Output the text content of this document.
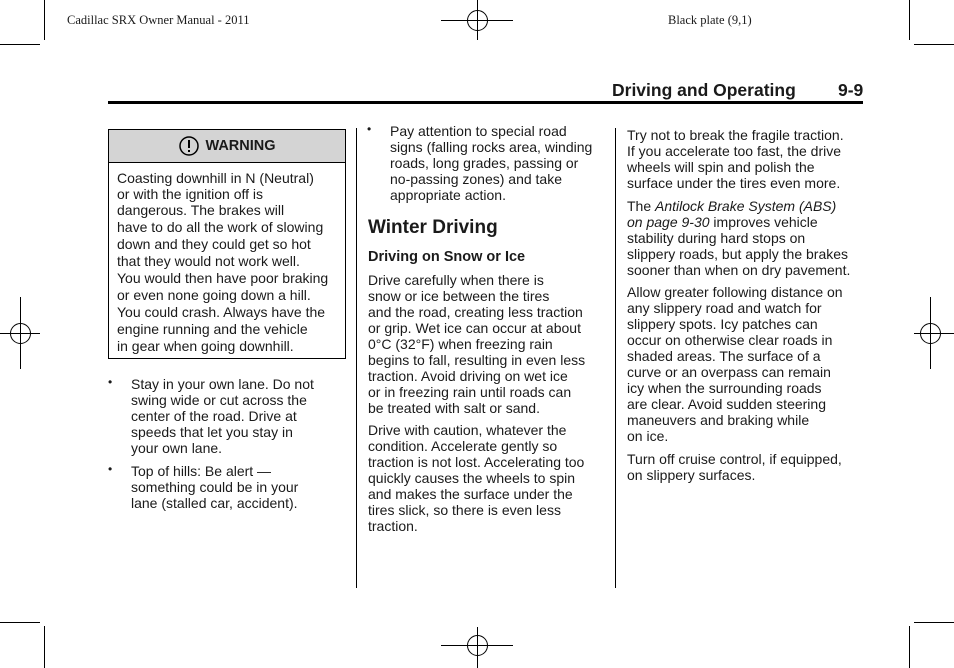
Cadillac SRX Owner Manual - 2011	Black plate (9,1)
Driving and Operating 9-9
WARNING

Coasting downhill in N (Neutral)

or with the ignition off is

dangerous. The brakes will

have to do all the work of slowing

down and they could get so hot

that they would not work well.

You would then have poor braking

or even none going down a hill.

You could crash. Always have the

engine running and the vehicle

in gear when going downhill.

• Stay in your own lane. Do not

swing wide or cut across the

center of the road. Drive at

speeds that let you stay in

your own lane.

• Top of hills: Be alert —

something could be in your

lane (stalled car, accident).

• Pay attention to special road

signs (falling rocks area, winding

roads, long grades, passing or

no-passing zones) and take

appropriate action.

Winter Driving
Driving on Snow or Ice

Drive carefully when there is

snow or ice between the tires

and the road, creating less traction

or grip. Wet ice can occur at about

0°C (32°F) when freezing rain

begins to fall, resulting in even less

traction. Avoid driving on wet ice

or in freezing rain until roads can

be treated with salt or sand.

Drive with caution, whatever the

condition. Accelerate gently so

traction is not lost. Accelerating too

quickly causes the wheels to spin

and makes the surface under the

tires slick, so there is even less

traction.

Try not to break the fragile traction.

If you accelerate too fast, the drive

wheels will spin and polish the

surface under the tires even more.

The Antilock Brake System (ABS)

on page 9-30 improves vehicle

stability during hard stops on

slippery roads, but apply the brakes

sooner than when on dry pavement.

Allow greater following distance on

any slippery road and watch for

slippery spots. Icy patches can

occur on otherwise clear roads in

shaded areas. The surface of a

curve or an overpass can remain

icy when the surrounding roads

are clear. Avoid sudden steering

maneuvers and braking while

on ice.

Turn off cruise control, if equipped,

on slippery surfaces.
